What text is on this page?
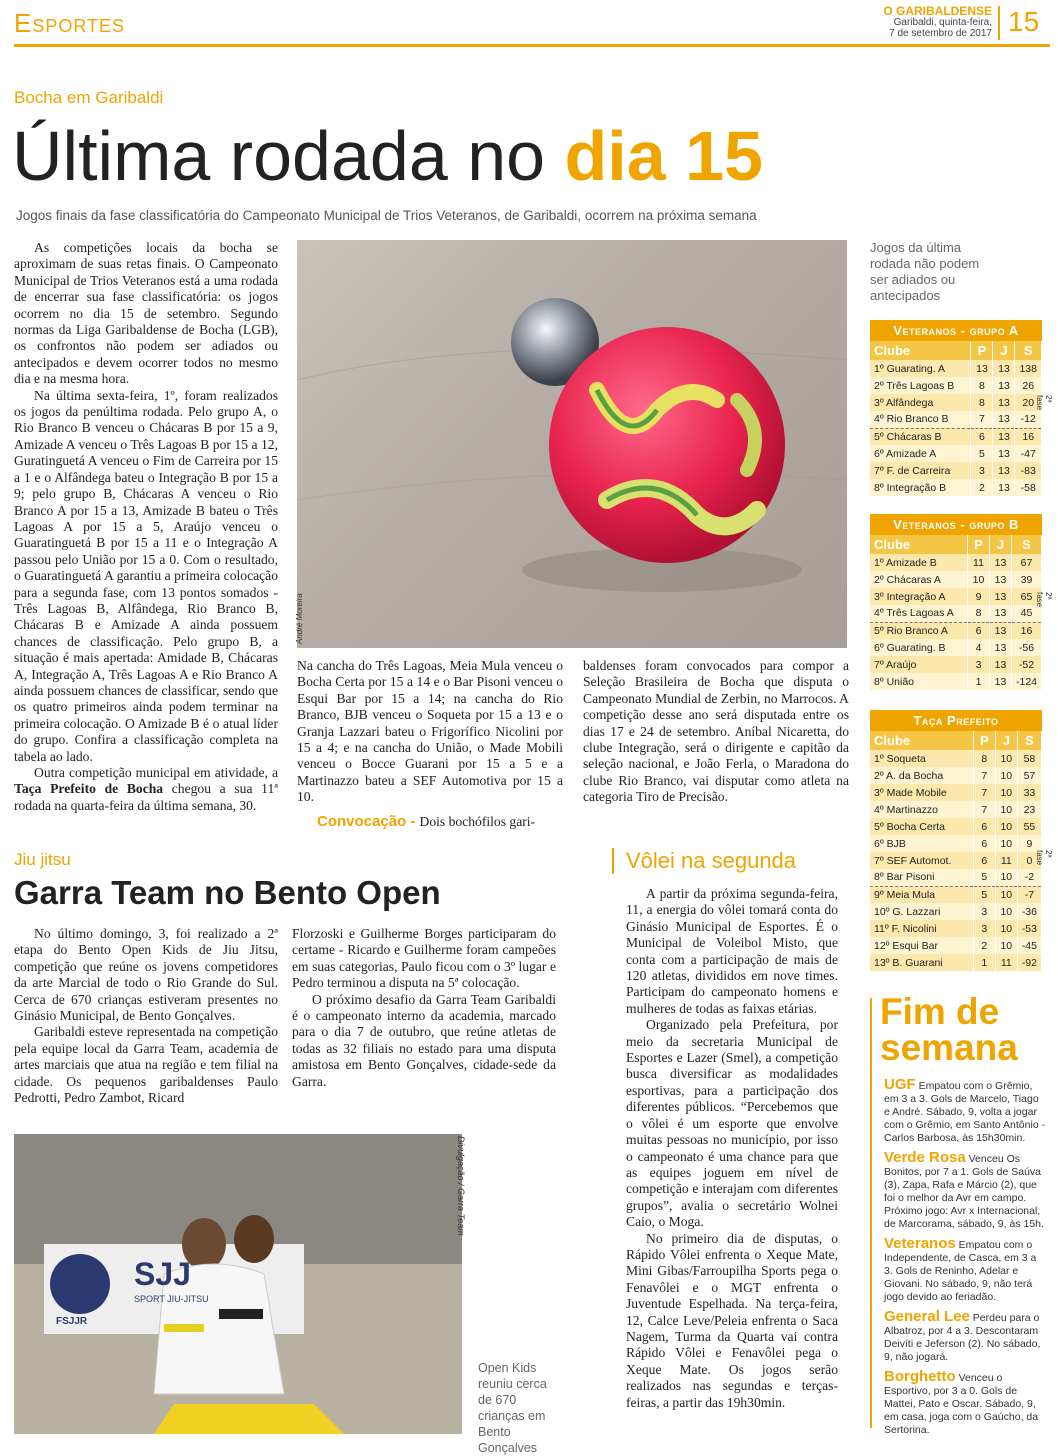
Esportes	O GARIBALDENSE
Garibaldi, quinta-feira,
7 de setembro de 2017 15
Bocha em Garibaldi
Última rodada no dia 15
Jogos finais da fase classificatória do Campeonato Municipal de Trios Veteranos, de Garibaldi, ocorrem na próxima semana

As competições locais da bocha se aproximam de suas retas finais. O Campeonato Municipal de Trios Veteranos está a uma rodada de encerrar sua fase classificatória: os jogos ocorrem no dia 15 de setembro. Segundo normas da Liga Garibaldense de Bocha (LGB), os confrontos não podem ser adiados ou antecipados e devem ocorrer todos no mesmo dia e na mesma hora.

Na última sexta-feira, 1º, foram realizados os jogos da penúltima rodada. Pelo grupo A, o Rio Branco B venceu o Chácaras B por 15 a 9, Amizade A venceu o Três Lagoas B por 15 a 12, Guratinguetá A venceu o Fim de Carreira por 15 a 1 e o Alfândega bateu o Integração B por 15 a 9; pelo grupo B, Chácaras A venceu o Rio Branco A por 15 a 13, Amizade B bateu o Três Lagoas A por 15 a 5, Araújo venceu o Guaratinguetá B por 15 a 11 e o Integração A passou pelo União por 15 a 0. Com o resultado, o Guaratinguetá A garantiu a primeira colocação para a segunda fase, com 13 pontos somados - Três Lagoas B, Alfândega, Rio Branco B, Chácaras B e Amizade A ainda possuem chances de classificação. Pelo grupo B, a situação é mais apertada: Amidade B, Chácaras A, Integração A, Três Lagoas A e Rio Branco A ainda possuem chances de classificar, sendo que os quatro primeiros ainda podem terminar na primeira colocação. O Amizade B é o atual líder do grupo. Confira a classificação completa na tabela ao lado.

Outra competição municipal em atividade, a Taça Prefeito de Bocha chegou a sua 11ª rodada na quarta-feira da última semana, 30.

André Moreira

Na cancha do Três Lagoas, Meia Mula venceu o Bocha Certa por 15 a 14 e o Bar Pisoni venceu o Esqui Bar por 15 a 14; na cancha do Rio Branco, BJB venceu o Soqueta por 15 a 13 e o Granja Lazzari bateu o Frigorífico Nicolini por 15 a 4; e na cancha do União, o Made Mobili venceu o Bocce Guarani por 15 a 5 e a Martinazzo bateu a SEF Automotiva por 15 a 10.

Convocação - Dois bochófilos gari-

baldenses foram convocados para compor a Seleção Brasileira de Bocha que disputa o Campeonato Mundial de Zerbin, no Marrocos. A competição desse ano será disputada entre os dias 17 e 24 de setembro. Aníbal Nicaretta, do clube Integração, será o dirigente e capitão da seleção nacional, e João Ferla, o Maradona do clube Rio Branco, vai disputar como atleta na categoria Tiro de Precisão.

Jogos da última rodada não podem ser adiados ou antecipados
Veteranos - grupo A
Clube	P	J	S
1º Guarating. A	13	13	138
2º Três Lagoas B	8	13	26
3º Alfândega	8	13	20
4º Rio Branco B	7	13	-12
5º Chácaras B	6	13	16
6º Amizade A	5	13	-47
7º F. de Carreira	3	13	-83
8º Integração B	2	13	-58
2ª fase
Veteranos - grupo B
Clube	P	J	S
1º Amizade B	11	13	67
2º Chácaras A	10	13	39
3º Integração A	9	13	65
4º Três Lagoas A	8	13	45
5º Rio Branco A	6	13	16
6º Guarating. B	4	13	-56
7º Araújo	3	13	-52
8º União	1	13	-124
2ª fase
Taça Prefeito
Clube	P	J	S
1º Soqueta	8	10	58
2º A. da Bocha	7	10	57
3º Made Mobile	7	10	33
4º Martinazzo	7	10	23
5º Bocha Certa	6	10	55
6º BJB	6	10	9
7º SEF Automot.	6	11	0
8º Bar Pisoni	5	10	-2
9º Meia Mula	5	10	-7
10º G. Lazzari	3	10	-36
11º F. Nicolini	3	10	-53
12º Esqui Bar	2	10	-45
13º B. Guarani	1	11	-92
2ª fase
Jiu jitsu
Garra Team no Bento Open

No último domingo, 3, foi realizado a 2ª etapa do Bento Open Kids de Jiu Jitsu, competição que reúne os jovens competidores da arte Marcial de todo o Rio Grande do Sul. Cerca de 670 crianças estiveram presentes no Ginásio Municipal, de Bento Gonçalves.

Garibaldi esteve representada na competição pela equipe local da Garra Team, academia de artes marciais que atua na região e tem filial na cidade. Os pequenos garibaldenses Paulo Pedrotti, Pedro Zambot, Ricard

Florzoski e Guilherme Borges participaram do certame - Ricardo e Guilherme foram campeões em suas categorias, Paulo ficou com o 3º lugar e Pedro terminou a disputa na 5ª colocação.

O próximo desafio da Garra Team Garibaldi é o campeonato interno da academia, marcado para o dia 7 de outubro, que reúne atletas de todas as 32 filiais no estado para uma disputa amistosa em Bento Gonçalves, cidade-sede da Garra.

SJJ
SPORT JIU-JITSU
FSJJR
Divulgação / Garra Team
Open Kids reuniu cerca de 670 crianças em Bento Gonçalves
Vôlei na segunda

A partir da próxima segunda-feira, 11, a energia do vôlei tomará conta do Ginásio Municipal de Esportes. É o Municipal de Voleibol Misto, que conta com a participação de mais de 120 atletas, divididos em nove times. Participam do campeonato homens e mulheres de todas as faixas etárias.

Organizado pela Prefeitura, por meio da secretaria Municipal de Esportes e Lazer (Smel), a competição busca diversificar as modalidades esportivas, para a participação dos diferentes públicos. “Percebemos que o vôlei é um esporte que envolve muitas pessoas no município, por isso o campeonato é uma chance para que as equipes joguem em nível de competição e interajam com diferentes grupos”, avalia o secretário Wolnei Caio, o Moga.

No primeiro dia de disputas, o Rápido Vôlei enfrenta o Xeque Mate, Mini Gibas/Farroupilha Sports pega o Fenavôlei e o MGT enfrenta o Juventude Espelhada. Na terça-feira, 12, Calce Leve/Peleia enfrenta o Saca Nagem, Turma da Quarta vai contra Rápido Vôlei e Fenavôlei pega o Xeque Mate. Os jogos serão realizados nas segundas e terças-feiras, a partir das 19h30min.

Fim de
semana
UGF Empatou com o Grêmio, em 3 a 3. Gols de Marcelo, Tiago e André. Sábado, 9, volta a jogar com o Grêmio, em Santo Antônio - Carlos Barbosa, às 15h30min.
Verde Rosa Venceu Os Bonitos, por 7 a 1. Gols de Saúva (3), Zapa, Rafa e Márcio (2), que foi o melhor da Avr em campo. Próximo jogo: Avr x Internacional, de Marcorama, sábado, 9, às 15h.
Veteranos Empatou com o Independente, de Casca, em 3 a 3. Gols de Reninho, Adelar e Giovani. No sábado, 9, não terá jogo devido ao feriadão.
General Lee Perdeu para o Albatroz, por 4 a 3. Descontaram Deivíti e Jeferson (2). No sábado, 9, não jogará.
Borghetto Venceu o Esportivo, por 3 a 0. Gols de Mattei, Pato e Oscar. Sábado, 9, em casa, joga com o Gaúcho, da Sertorina.
